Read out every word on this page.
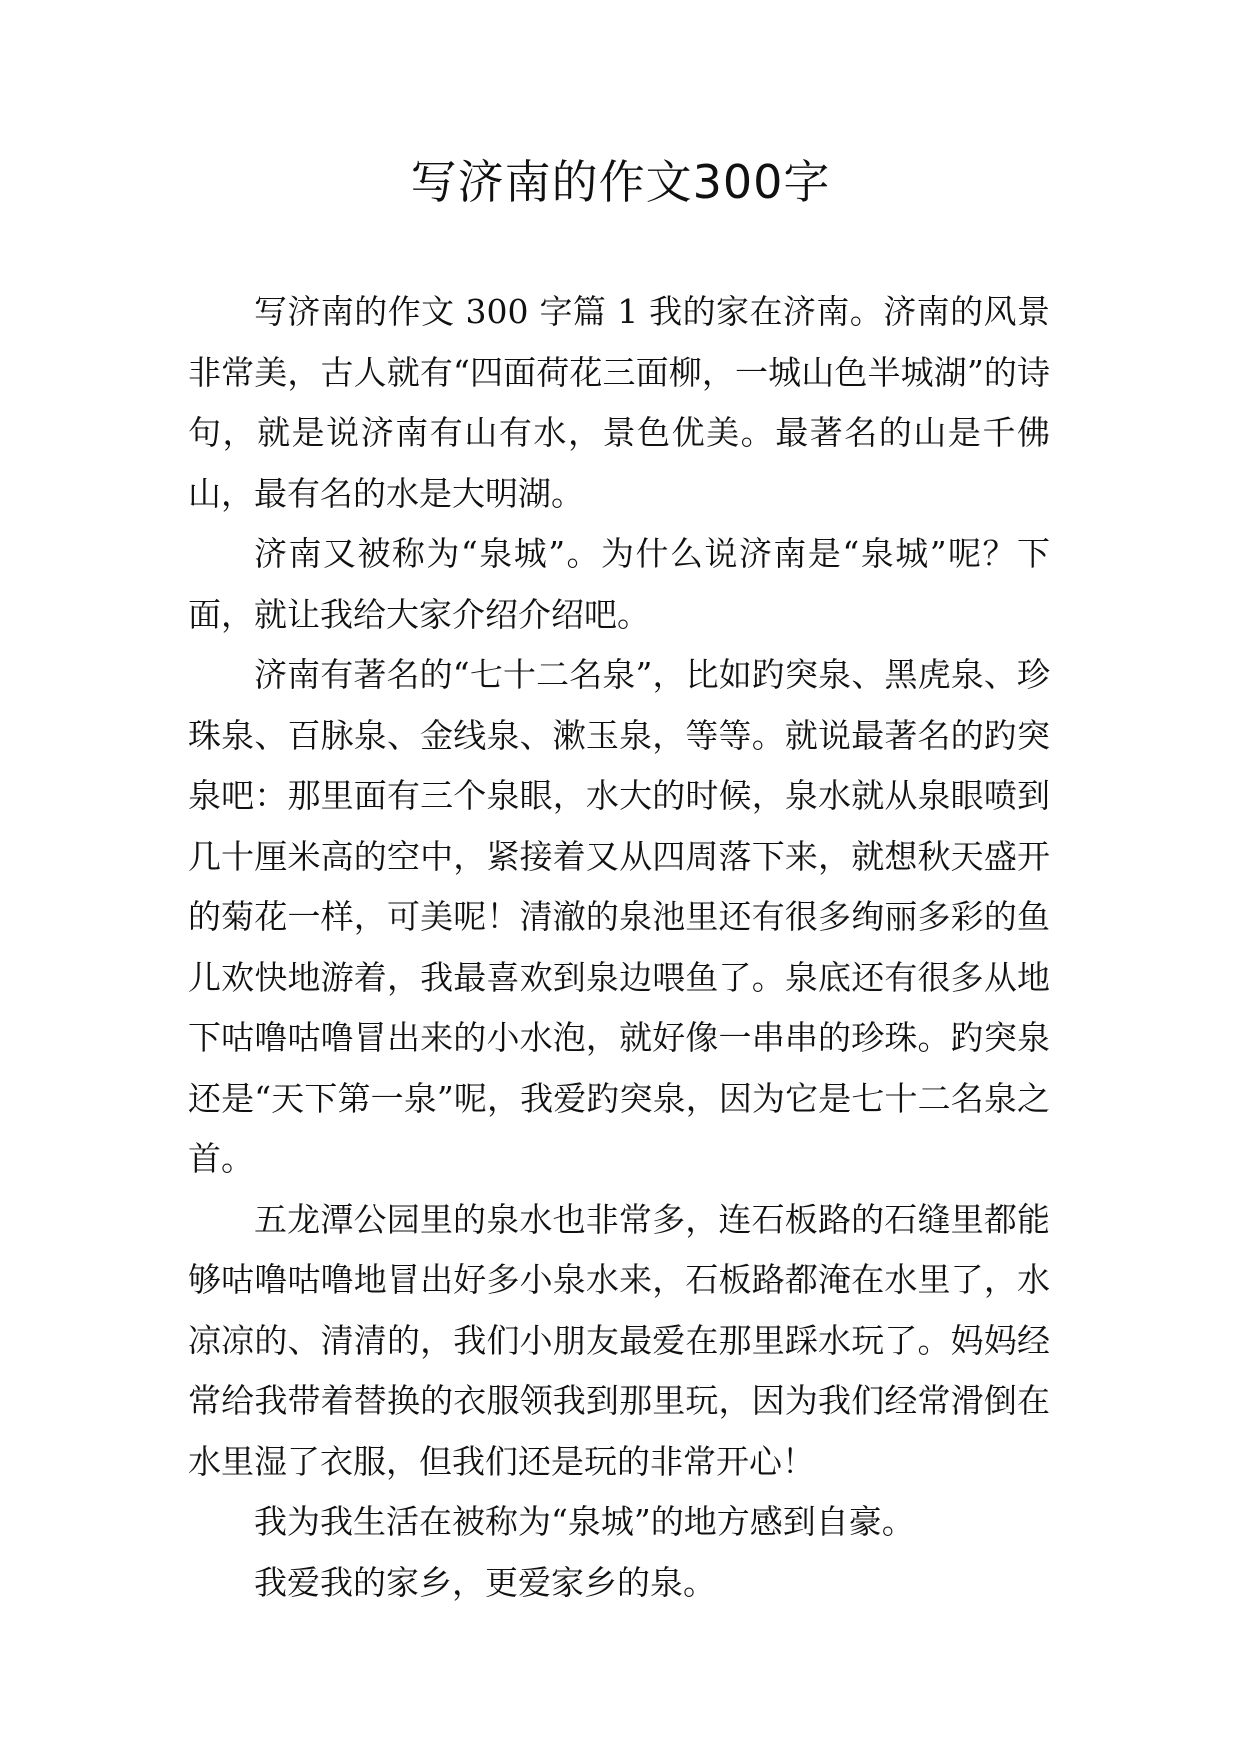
写济南的作文300字

写济南的作文 300 字篇 1 我的家在济南。济南的风景非常美，古人就有“四面荷花三面柳，一城山色半城湖”的诗句，就是说济南有山有水，景色优美。最著名的山是千佛山，最有名的水是大明湖。

济南又被称为“泉城”。为什么说济南是“泉城”呢？下面，就让我给大家介绍介绍吧。

济南有著名的“七十二名泉”，比如趵突泉、黑虎泉、珍珠泉、百脉泉、金线泉、漱玉泉，等等。就说最著名的趵突泉吧：那里面有三个泉眼，水大的时候，泉水就从泉眼喷到几十厘米高的空中，紧接着又从四周落下来，就想秋天盛开的菊花一样，可美呢！清澈的泉池里还有很多绚丽多彩的鱼儿欢快地游着，我最喜欢到泉边喂鱼了。泉底还有很多从地下咕噜咕噜冒出来的小水泡，就好像一串串的珍珠。趵突泉还是“天下第一泉”呢，我爱趵突泉，因为它是七十二名泉之首。

五龙潭公园里的泉水也非常多，连石板路的石缝里都能够咕噜咕噜地冒出好多小泉水来，石板路都淹在水里了，水凉凉的、清清的，我们小朋友最爱在那里踩水玩了。妈妈经常给我带着替换的衣服领我到那里玩，因为我们经常滑倒在水里湿了衣服，但我们还是玩的非常开心！

我为我生活在被称为“泉城”的地方感到自豪。

我爱我的家乡，更爱家乡的泉。
